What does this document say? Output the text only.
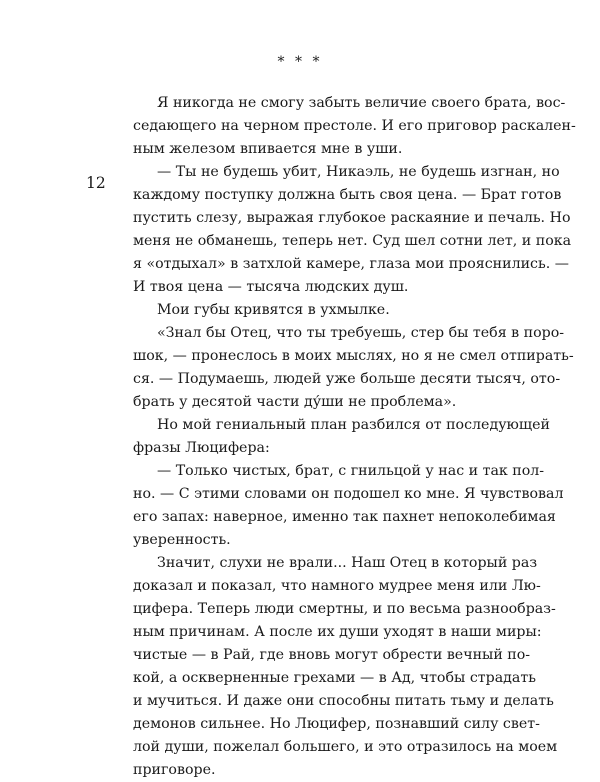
* * *
12
Я никогда не смогу забыть величие своего брата, вос-
седающего на черном престоле. И его приговор раскален-
ным железом впивается мне в уши.
— Ты не будешь убит, Никаэль, не будешь изгнан, но
каждому поступку должна быть своя цена. — Брат готов
пустить слезу, выражая глубокое раскаяние и печаль. Но
меня не обманешь, теперь нет. Суд шел сотни лет, и пока
я «отдыхал» в затхлой камере, глаза мои прояснились. —
И твоя цена — тысяча людских душ.
Мои губы кривятся в ухмылке.
«Знал бы Отец, что ты требуешь, стер бы тебя в поро-
шок, — пронеслось в моих мыслях, но я не смел отпирать-
ся. — Подумаешь, людей уже больше десяти тысяч, ото-
брать у десятой части ду́ши не проблема».
Но мой гениальный план разбился от последующей
фразы Люцифера:
— Только чистых, брат, с гнильцой у нас и так пол-
но. — С этими словами он подошел ко мне. Я чувствовал
его запах: наверное, именно так пахнет непоколебимая
уверенность.
Значит, слухи не врали... Наш Отец в который раз
доказал и показал, что намного мудрее меня или Лю-
цифера. Теперь люди смертны, и по весьма разнообраз-
ным причинам. А после их души уходят в наши миры:
чистые — в Рай, где вновь могут обрести вечный по-
кой, а оскверненные грехами — в Ад, чтобы страдать
и мучиться. И даже они способны питать тьму и делать
демонов сильнее. Но Люцифер, познавший силу свет-
лой души, пожелал большего, и это отразилось на моем
приговоре.
